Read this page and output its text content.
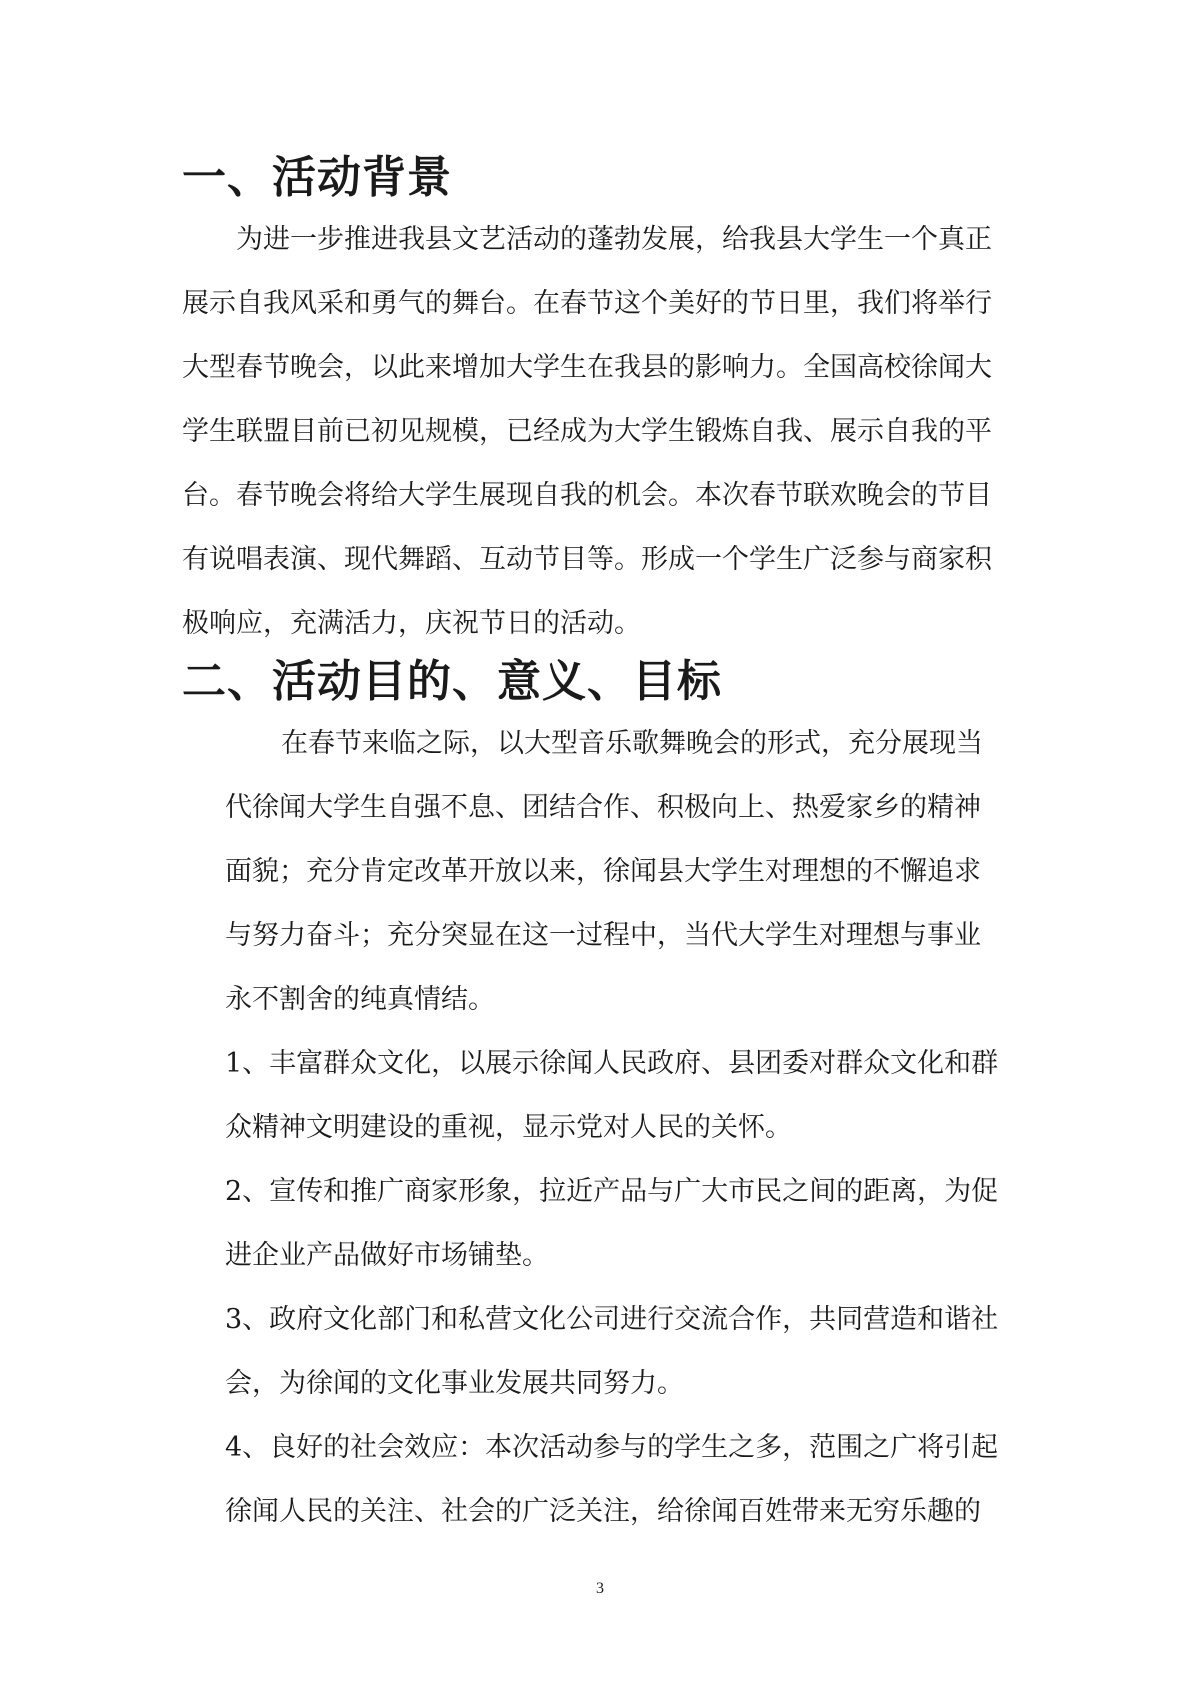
一、活动背景
为进一步推进我县文艺活动的蓬勃发展，给我县大学生一个真正
展示自我风采和勇气的舞台。在春节这个美好的节日里，我们将举行
大型春节晚会，以此来增加大学生在我县的影响力。全国高校徐闻大
学生联盟目前已初见规模，已经成为大学生锻炼自我、展示自我的平
台。春节晚会将给大学生展现自我的机会。本次春节联欢晚会的节目
有说唱表演、现代舞蹈、互动节目等。形成一个学生广泛参与商家积
极响应，充满活力，庆祝节日的活动。
二、活动目的、意义、目标
在春节来临之际，以大型音乐歌舞晚会的形式，充分展现当
代徐闻大学生自强不息、团结合作、积极向上、热爱家乡的精神
面貌；充分肯定改革开放以来，徐闻县大学生对理想的不懈追求
与努力奋斗；充分突显在这一过程中，当代大学生对理想与事业
永不割舍的纯真情结。
1、丰富群众文化，以展示徐闻人民政府、县团委对群众文化和群
众精神文明建设的重视，显示党对人民的关怀。
2、宣传和推广商家形象，拉近产品与广大市民之间的距离，为促
进企业产品做好市场铺垫。
3、政府文化部门和私营文化公司进行交流合作，共同营造和谐社
会，为徐闻的文化事业发展共同努力。
4、良好的社会效应：本次活动参与的学生之多，范围之广将引起
徐闻人民的关注、社会的广泛关注，给徐闻百姓带来无穷乐趣的
3
